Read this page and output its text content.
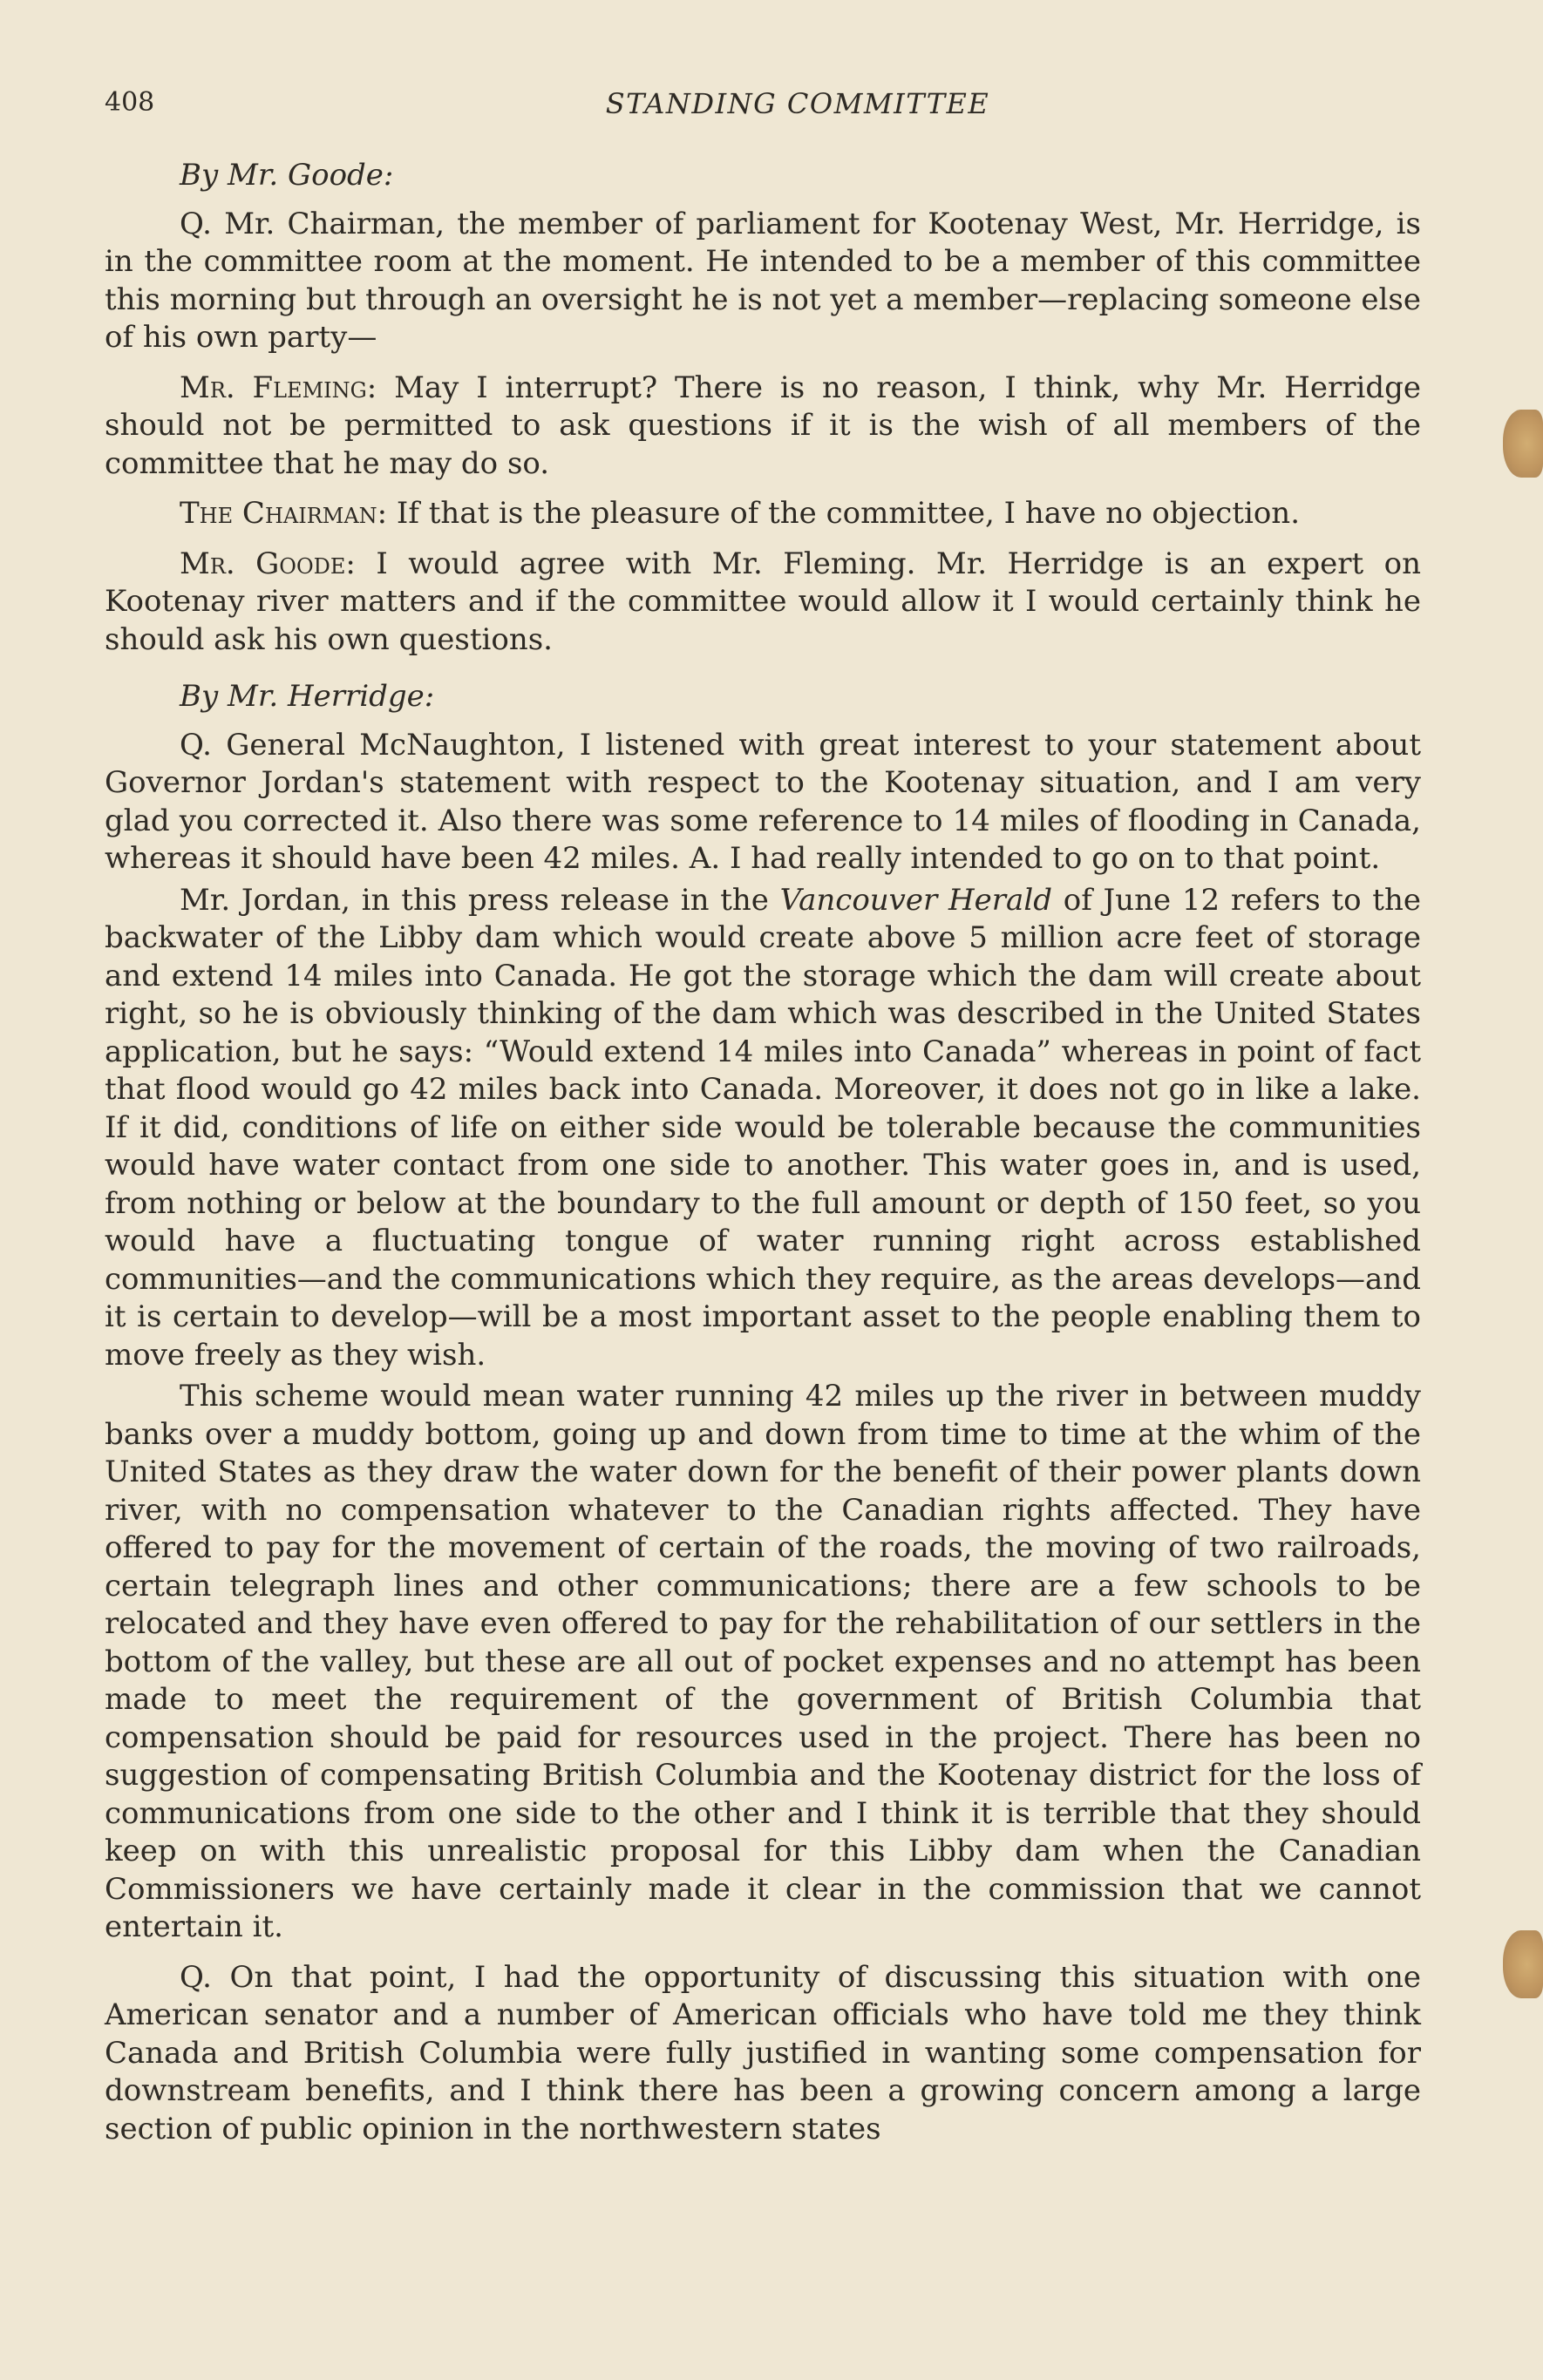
408	STANDING COMMITTEE

By Mr. Goode:

Q. Mr. Chairman, the member of parliament for Kootenay West, Mr. Herridge, is in the committee room at the moment. He intended to be a member of this committee this morning but through an oversight he is not yet a member—replacing someone else of his own party—

Mr. Fleming: May I interrupt? There is no reason, I think, why Mr. Herridge should not be permitted to ask questions if it is the wish of all members of the committee that he may do so.

The Chairman: If that is the pleasure of the committee, I have no objection.

Mr. Goode: I would agree with Mr. Fleming. Mr. Herridge is an expert on Kootenay river matters and if the committee would allow it I would certainly think he should ask his own questions.

By Mr. Herridge:

Q. General McNaughton, I listened with great interest to your statement about Governor Jordan's statement with respect to the Kootenay situation, and I am very glad you corrected it. Also there was some reference to 14 miles of flooding in Canada, whereas it should have been 42 miles. A. I had really intended to go on to that point.

Mr. Jordan, in this press release in the Vancouver Herald of June 12 refers to the backwater of the Libby dam which would create above 5 million acre feet of storage and extend 14 miles into Canada. He got the storage which the dam will create about right, so he is obviously thinking of the dam which was described in the United States application, but he says: “Would extend 14 miles into Canada” whereas in point of fact that flood would go 42 miles back into Canada. Moreover, it does not go in like a lake. If it did, conditions of life on either side would be tolerable because the communities would have water contact from one side to another. This water goes in, and is used, from nothing or below at the boundary to the full amount or depth of 150 feet, so you would have a fluctuating tongue of water running right across established communities—and the communications which they require, as the areas develops—and it is certain to develop—will be a most important asset to the people enabling them to move freely as they wish.

This scheme would mean water running 42 miles up the river in between muddy banks over a muddy bottom, going up and down from time to time at the whim of the United States as they draw the water down for the benefit of their power plants down river, with no compensation whatever to the Canadian rights affected. They have offered to pay for the movement of certain of the roads, the moving of two railroads, certain telegraph lines and other communications; there are a few schools to be relocated and they have even offered to pay for the rehabilitation of our settlers in the bottom of the valley, but these are all out of pocket expenses and no attempt has been made to meet the requirement of the government of British Columbia that compensation should be paid for resources used in the project. There has been no suggestion of compensating British Columbia and the Kootenay district for the loss of communications from one side to the other and I think it is terrible that they should keep on with this unrealistic proposal for this Libby dam when the Canadian Commissioners we have certainly made it clear in the commission that we cannot entertain it.

Q. On that point, I had the opportunity of discussing this situation with one American senator and a number of American officials who have told me they think Canada and British Columbia were fully justified in wanting some compensation for downstream benefits, and I think there has been a growing concern among a large section of public opinion in the northwestern states
